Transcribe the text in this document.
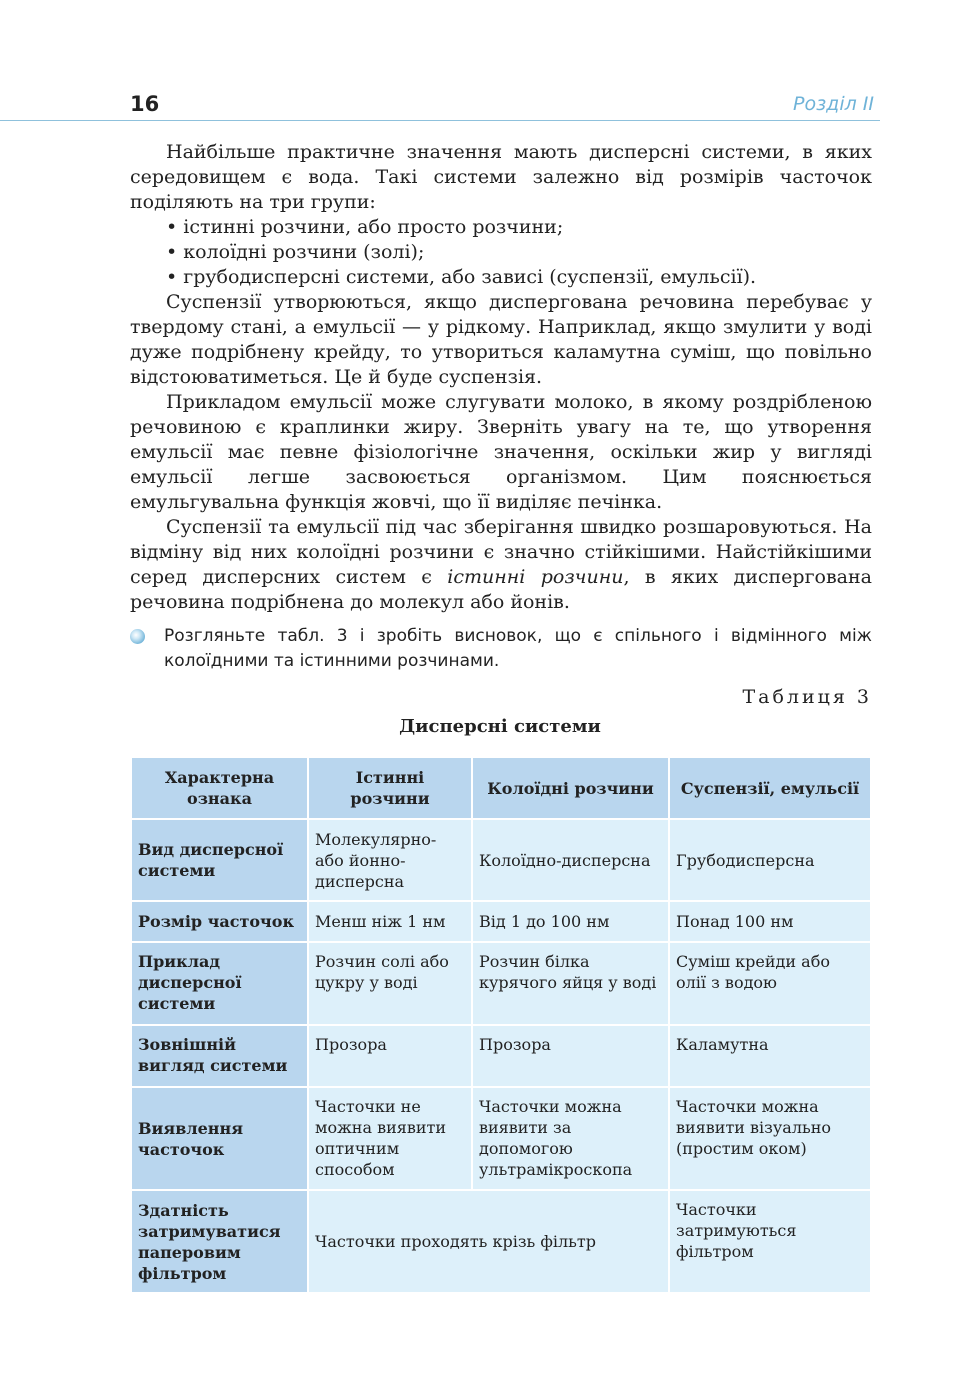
16	Розділ ІІ

Найбільше практичне значення мають дисперсні системи, в яких середовищем є вода. Такі системи залежно від розмірів часточок поділяють на три групи:

• істинні розчини, або просто розчини;
• колоїдні розчини (золі);
• грубодисперсні системи, або зависі (суспензії, емульсії).

Суспензії утворюються, якщо диспергована речовина перебуває у твердому стані, а емульсії — у рідкому. Наприклад, якщо змулити у воді дуже подрібнену крейду, то утвориться каламутна суміш, що повільно відстоюватиметься. Це й буде суспензія.

Прикладом емульсії може слугувати молоко, в якому роздрібленою речовиною є краплинки жиру. Зверніть увагу на те, що утворення емульсії має певне фізіологічне значення, оскільки жир у вигляді емульсії легше засвоюється організмом. Цим пояснюється емульгувальна функція жовчі, що її виділяє печінка.

Суспензії та емульсії під час зберігання швидко розшаровуються. На відміну від них колоїдні розчини є значно стійкішими. Найстійкішими серед дисперсних систем є істинні розчини, в яких диспергована речовина подрібнена до молекул або йонів.

Розгляньте табл. 3 і зробіть висновок, що є спільного і відмінного між колоїдними та істинними розчинами.
Таблиця 3
Дисперсні системи
Характерна ознака	Істинні розчини	Колоїдні розчини	Суспензії, емульсії
Вид дисперсної системи	Молекулярно- або йонно- дисперсна	Колоїдно-дисперсна	Грубодисперсна
Розмір часточок	Менш ніж 1 нм	Від 1 до 100 нм	Понад 100 нм
Приклад дисперсної системи	Розчин солі або цукру у воді	Розчин білка курячого яйця у воді	Суміш крейди або олії з водою
Зовнішній вигляд системи	Прозора	Прозора	Каламутна
Виявлення часточок	Часточки не можна виявити оптичним способом	Часточки можна виявити за допомогою ультрамікроскопа	Часточки можна виявити візуально (простим оком)
Здатність затримуватися паперовим фільтром	Часточки проходять крізь фільтр		Часточки затримуються фільтром
